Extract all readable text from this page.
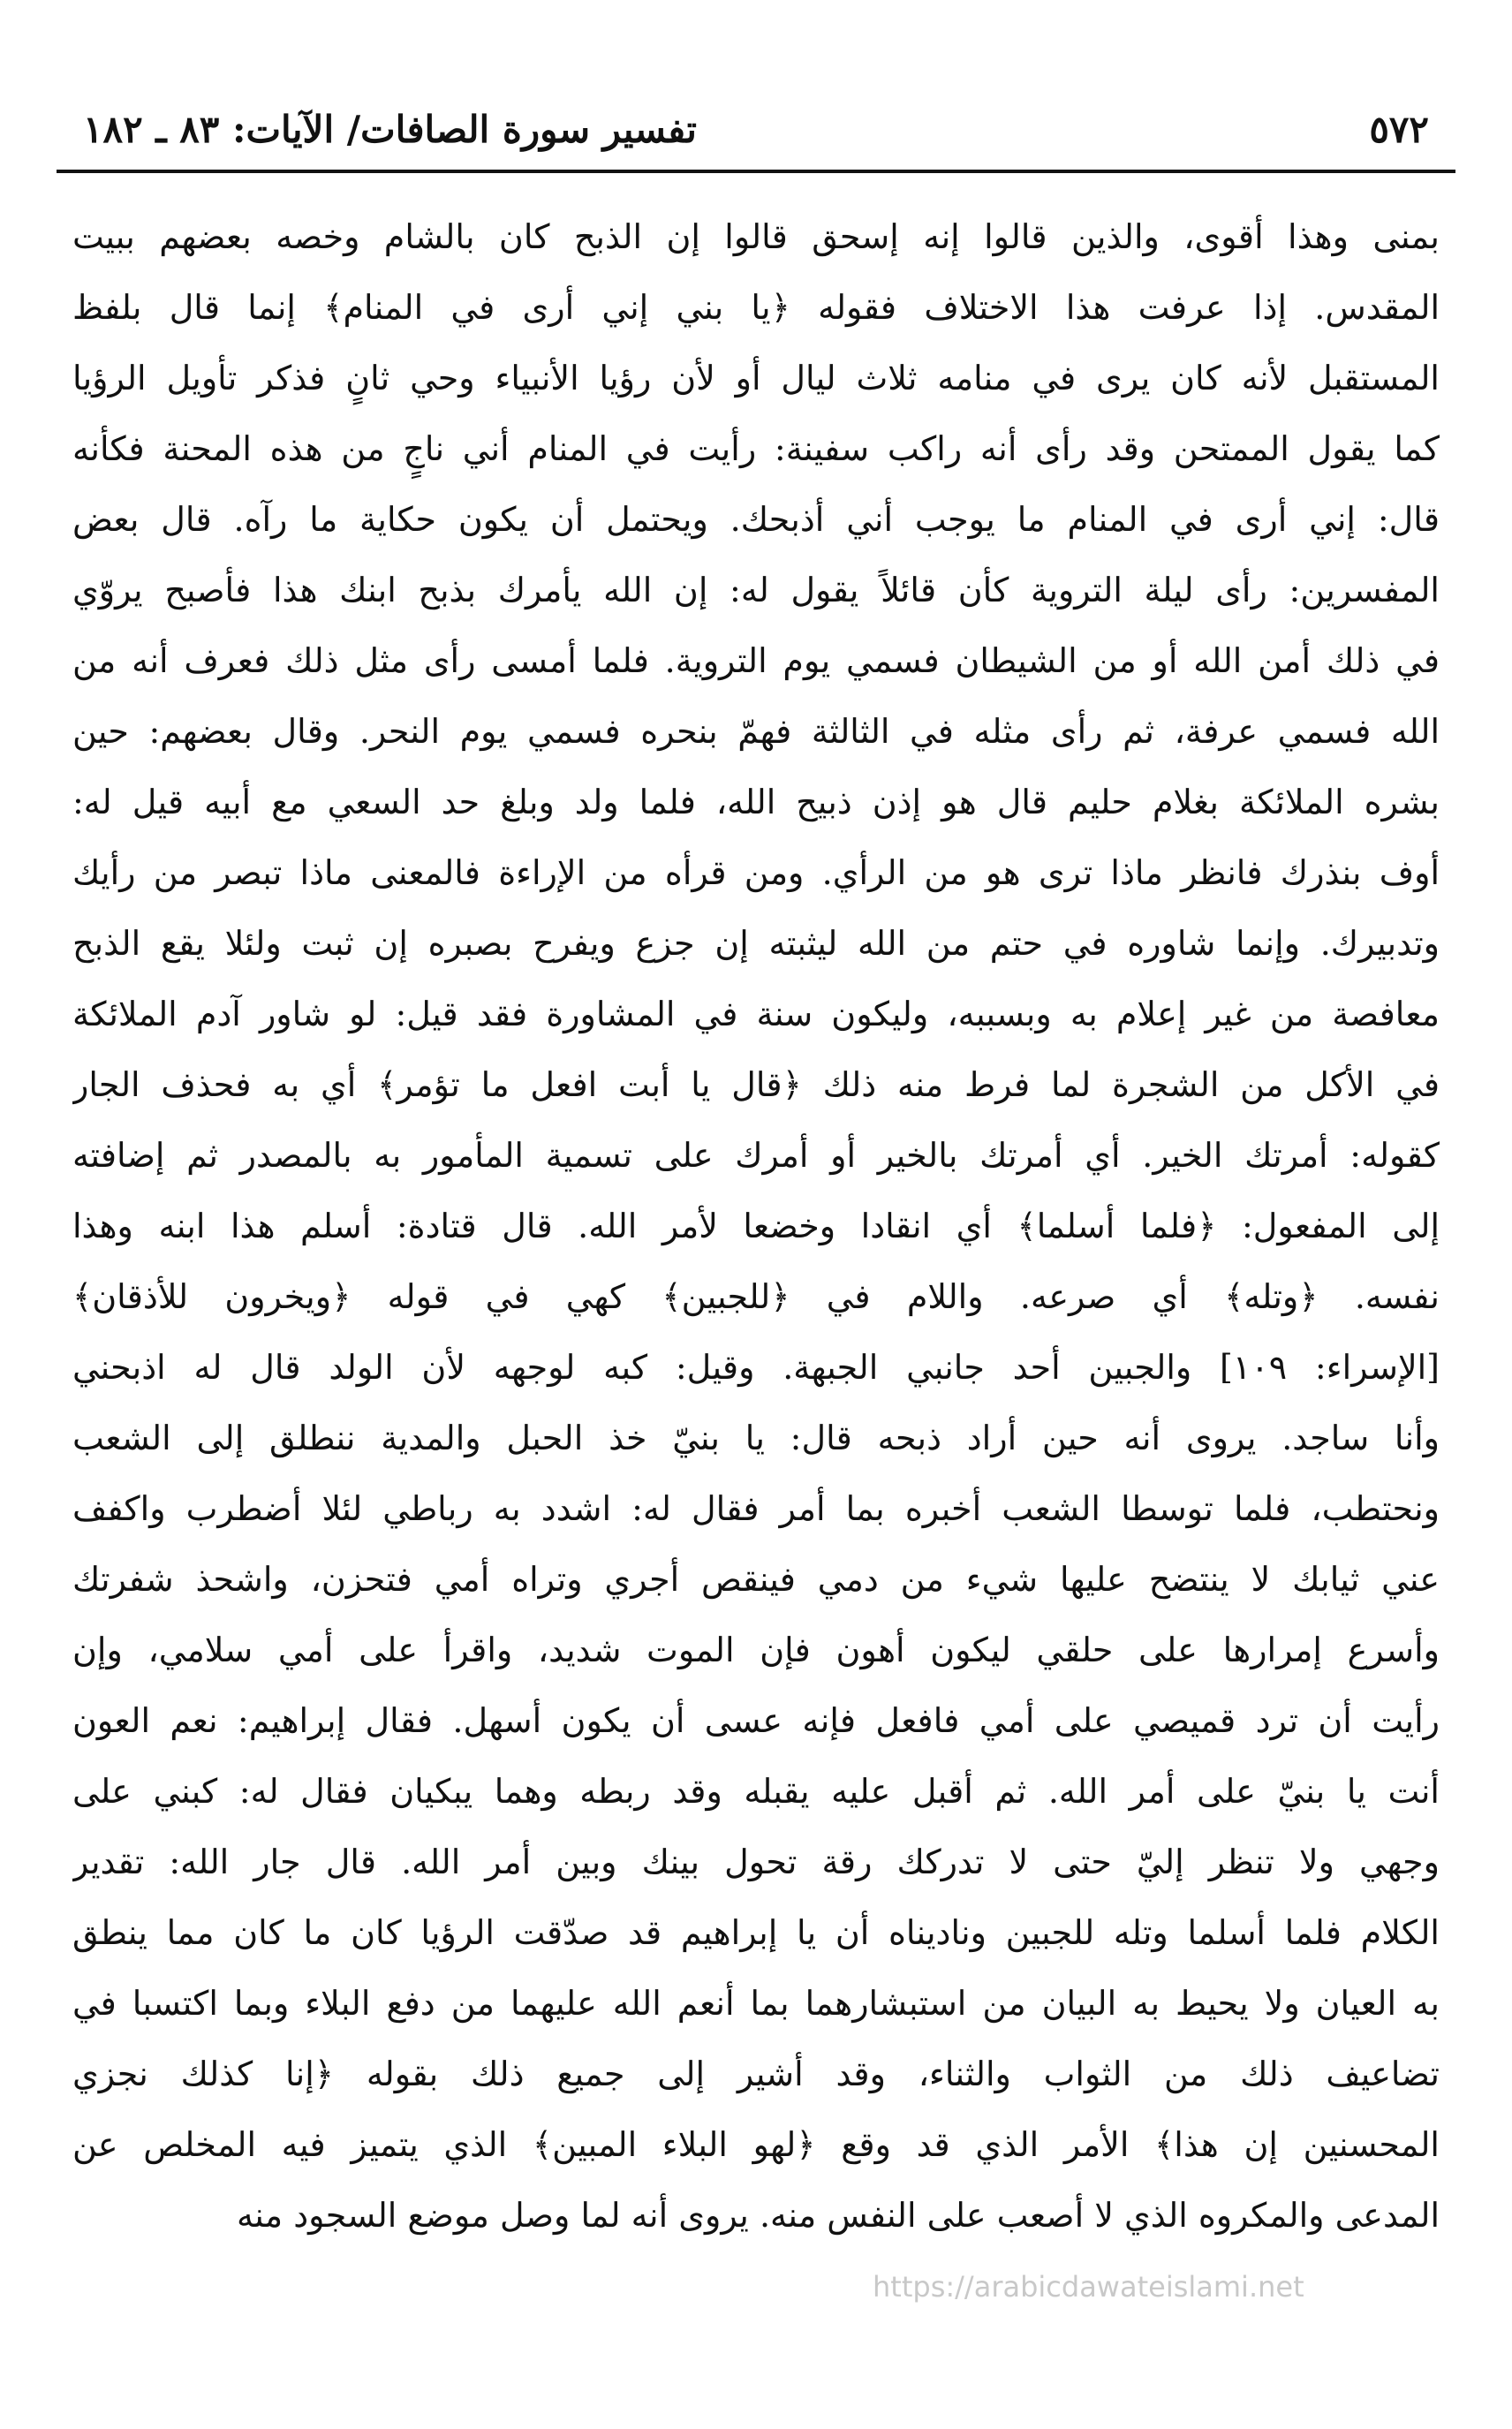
٥٧٢
تفسير سورة الصافات/ الآيات: ٨٣ ـ ١٨٢
بمنى وهذا أقوى، والذين قالوا إنه إسحق قالوا إن الذبح كان بالشام وخصه بعضهم ببيت
المقدس. إذا عرفت هذا الاختلاف فقوله ﴿يا بني إني أرى في المنام﴾ إنما قال بلفظ
المستقبل لأنه كان يرى في منامه ثلاث ليال أو لأن رؤيا الأنبياء وحي ثانٍ فذكر تأويل الرؤيا
كما يقول الممتحن وقد رأى أنه راكب سفينة: رأيت في المنام أني ناجٍ من هذه المحنة فكأنه
قال: إني أرى في المنام ما يوجب أني أذبحك. ويحتمل أن يكون حكاية ما رآه. قال بعض
المفسرين: رأى ليلة التروية كأن قائلاً يقول له: إن الله يأمرك بذبح ابنك هذا فأصبح يروّي
في ذلك أمن الله أو من الشيطان فسمي يوم التروية. فلما أمسى رأى مثل ذلك فعرف أنه من
الله فسمي عرفة، ثم رأى مثله في الثالثة فهمّ بنحره فسمي يوم النحر. وقال بعضهم: حين
بشره الملائكة بغلام حليم قال هو إذن ذبيح الله، فلما ولد وبلغ حد السعي مع أبيه قيل له:
أوف بنذرك فانظر ماذا ترى هو من الرأي. ومن قرأه من الإراءة فالمعنى ماذا تبصر من رأيك
وتدبيرك. وإنما شاوره في حتم من الله ليثبته إن جزع ويفرح بصبره إن ثبت ولئلا يقع الذبح
معافصة من غير إعلام به وبسببه، وليكون سنة في المشاورة فقد قيل: لو شاور آدم الملائكة
في الأكل من الشجرة لما فرط منه ذلك ﴿قال يا أبت افعل ما تؤمر﴾ أي به فحذف الجار
كقوله: أمرتك الخير. أي أمرتك بالخير أو أمرك على تسمية المأمور به بالمصدر ثم إضافته
إلى المفعول: ﴿فلما أسلما﴾ أي انقادا وخضعا لأمر الله. قال قتادة: أسلم هذا ابنه وهذا
نفسه. ﴿وتله﴾ أي صرعه. واللام في ﴿للجبين﴾ كهي في قوله ﴿ويخرون للأذقان﴾
[الإسراء: ١٠٩] والجبين أحد جانبي الجبهة. وقيل: كبه لوجهه لأن الولد قال له اذبحني
وأنا ساجد. يروى أنه حين أراد ذبحه قال: يا بنيّ خذ الحبل والمدية ننطلق إلى الشعب
ونحتطب، فلما توسطا الشعب أخبره بما أمر فقال له: اشدد به رباطي لئلا أضطرب واكفف
عني ثيابك لا ينتضح عليها شيء من دمي فينقص أجري وتراه أمي فتحزن، واشحذ شفرتك
وأسرع إمرارها على حلقي ليكون أهون فإن الموت شديد، واقرأ على أمي سلامي، وإن
رأيت أن ترد قميصي على أمي فافعل فإنه عسى أن يكون أسهل. فقال إبراهيم: نعم العون
أنت يا بنيّ على أمر الله. ثم أقبل عليه يقبله وقد ربطه وهما يبكيان فقال له: كبني على
وجهي ولا تنظر إليّ حتى لا تدركك رقة تحول بينك وبين أمر الله. قال جار الله: تقدير
الكلام فلما أسلما وتله للجبين وناديناه أن يا إبراهيم قد صدّقت الرؤيا كان ما كان مما ينطق
به العيان ولا يحيط به البيان من استبشارهما بما أنعم الله عليهما من دفع البلاء وبما اكتسبا في
تضاعيف ذلك من الثواب والثناء، وقد أشير إلى جميع ذلك بقوله ﴿إنا كذلك نجزي
المحسنين إن هذا﴾ الأمر الذي قد وقع ﴿لهو البلاء المبين﴾ الذي يتميز فيه المخلص عن
المدعى والمكروه الذي لا أصعب على النفس منه. يروى أنه لما وصل موضع السجود منه
https://arabicdawateislami.net
